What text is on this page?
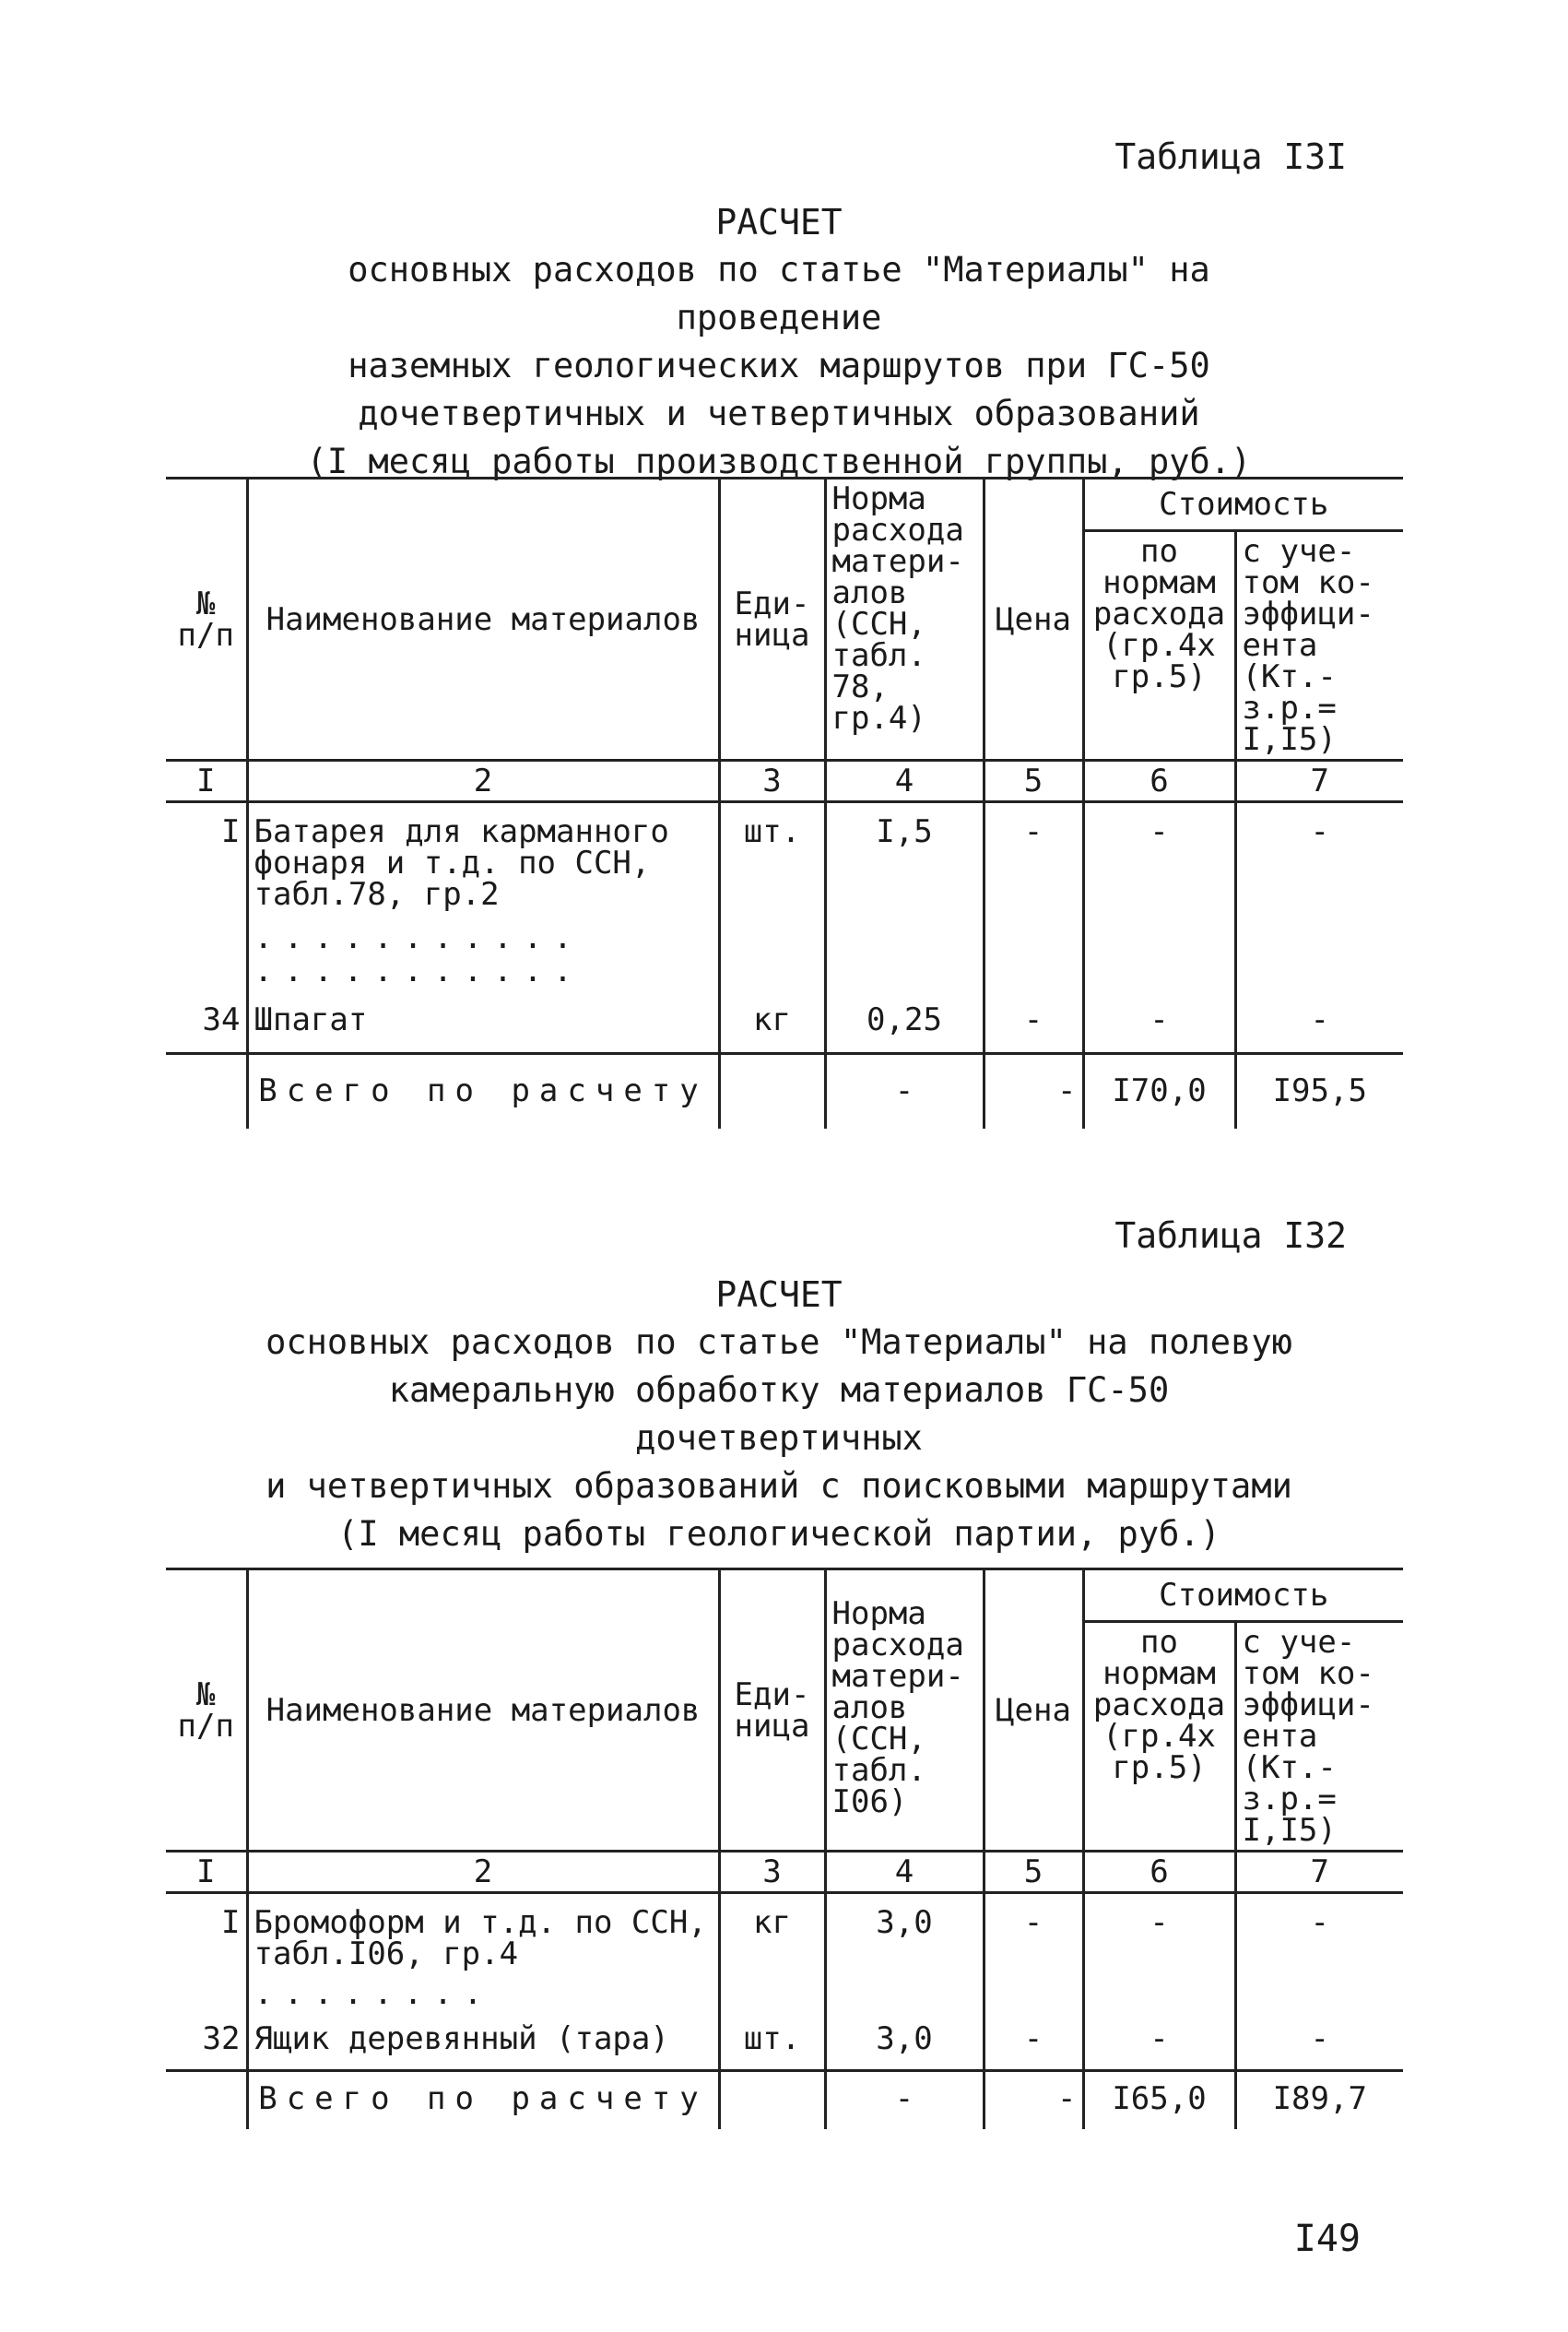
Таблица I3I
РАСЧЕТ
основных расходов по статье "Материалы" на проведение
наземных геологических маршрутов при ГС-50
дочетвертичных и четвертичных образований
(I месяц работы производственной группы, руб.)
№ п/п	Наименование материалов	Еди- ница	Норма расхода матери- алов (ССН, табл. 78, гр.4)	Цена	Стоимость	
					по нормам расхода (гр.4х гр.5)	с уче- том ко- эффици- ента (Кт.-з.р.= I,I5)
I	2	3	4	5	6	7
I	Батарея для карманного фонаря и т.д. по ССН, табл.78, гр.2	шт.	I,5	-	-	-

	...........
...........					

34	Шпагат	кг	0,25	-	-	-
	Всего по расчету		-	-	I70,0	I95,5
Таблица I32
РАСЧЕТ
основных расходов по статье "Материалы" на полевую
камеральную обработку материалов ГС-50 дочетвертичных
и четвертичных образований с поисковыми маршрутами
(I месяц работы геологической партии, руб.)
№ п/п	Наименование материалов	Еди- ница	Норма расхода матери- алов (ССН, табл. I06)	Цена	Стоимость	
					по нормам расхода (гр.4х гр.5)	с уче- том ко- эффици- ента (Кт.-з.р.= I,I5)
I	2	3	4	5	6	7
I	Бромоформ и т.д. по ССН, табл.I06, гр.4	кг	3,0	-	-	-
	........					
32	Ящик деревянный (тара)	шт.	3,0	-	-	-
	Всего по расчету		-	-	I65,0	I89,7
I49
